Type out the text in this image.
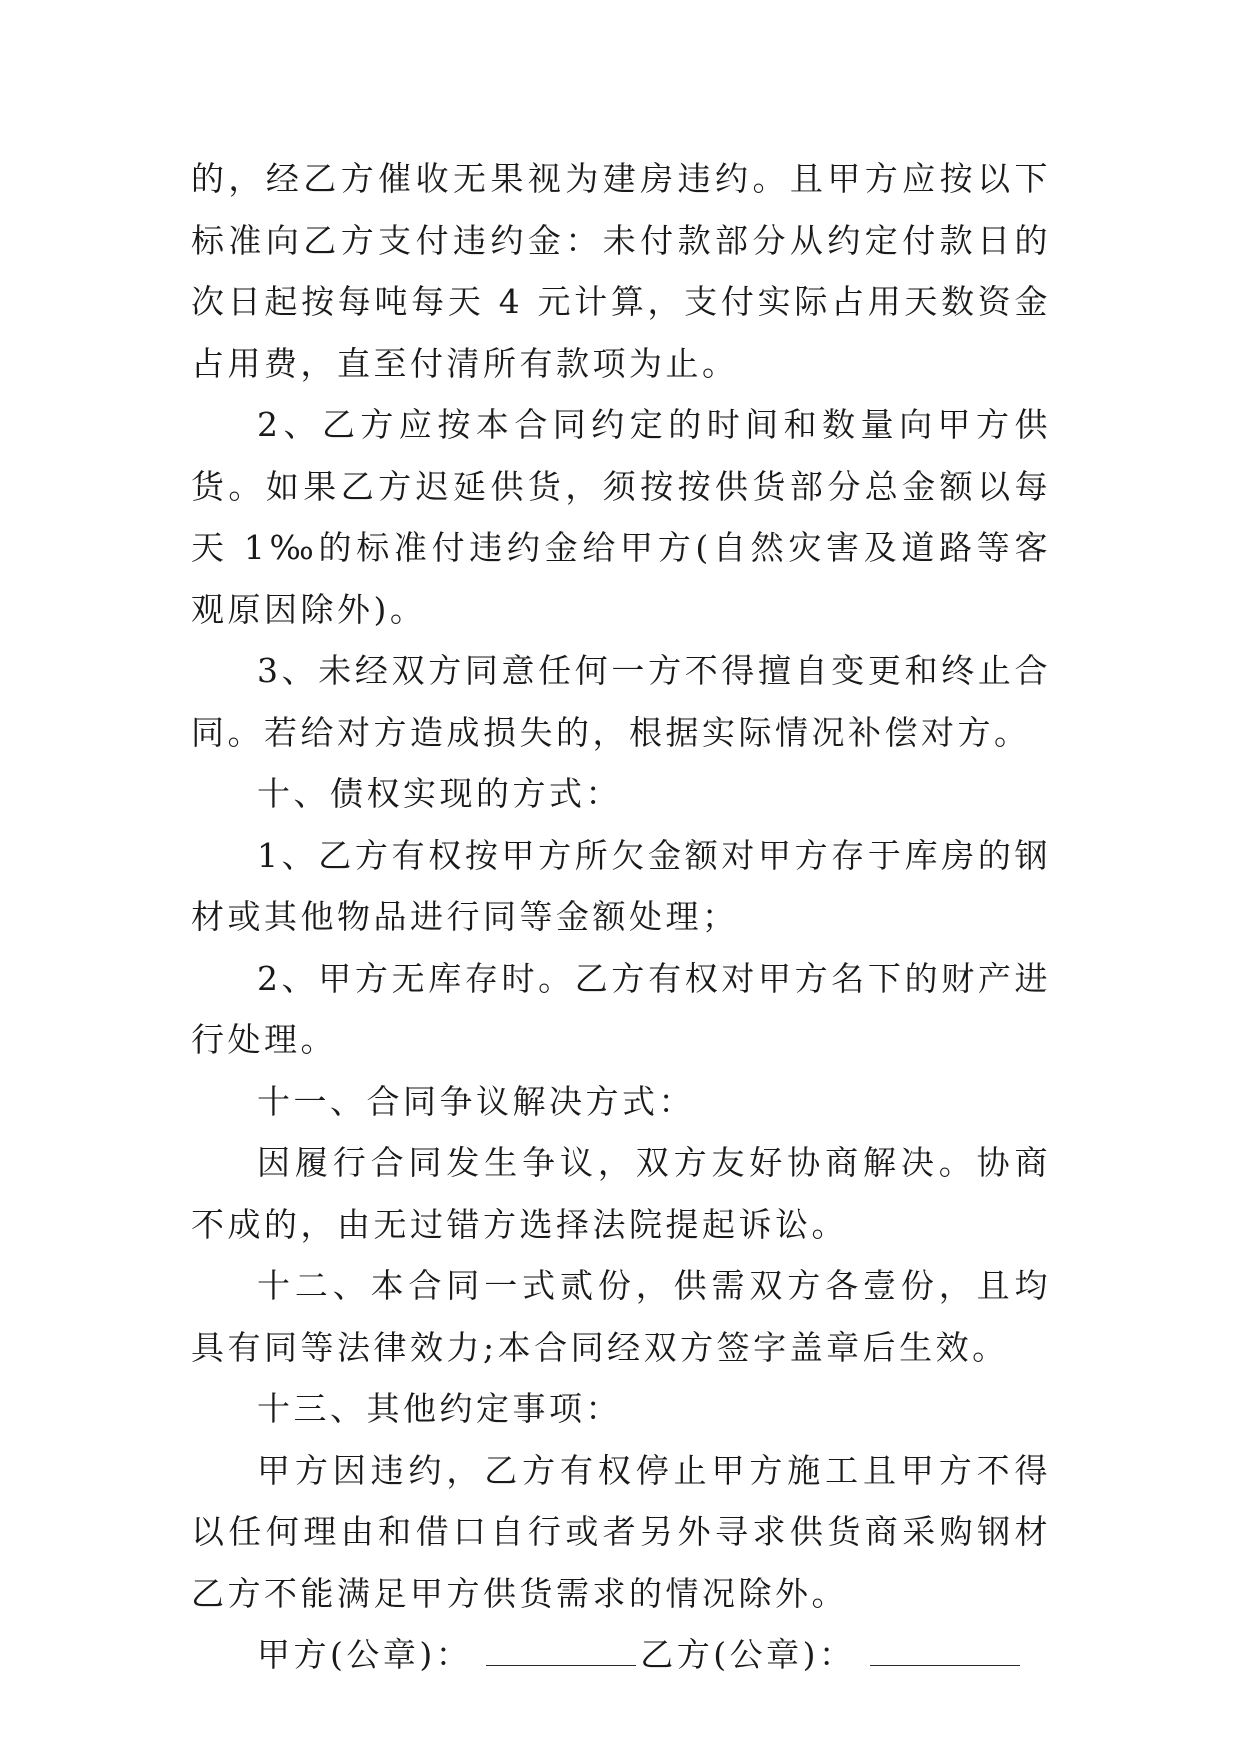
的，经乙方催收无果视为建房违约。且甲方应按以下标准向乙方支付违约金：未付款部分从约定付款日的次日起按每吨每天 4 元计算，支付实际占用天数资金占用费，直至付清所有款项为止。

2、乙方应按本合同约定的时间和数量向甲方供货。如果乙方迟延供货，须按按供货部分总金额以每天 1‰的标准付违约金给甲方(自然灾害及道路等客观原因除外)。

3、未经双方同意任何一方不得擅自变更和终止合同。若给对方造成损失的，根据实际情况补偿对方。

十、债权实现的方式：

1、乙方有权按甲方所欠金额对甲方存于库房的钢材或其他物品进行同等金额处理；

2、甲方无库存时。乙方有权对甲方名下的财产进行处理。

十一、合同争议解决方式：

因履行合同发生争议，双方友好协商解决。协商不成的，由无过错方选择法院提起诉讼。

十二、本合同一式贰份，供需双方各壹份，且均具有同等法律效力;本合同经双方签字盖章后生效。

十三、其他约定事项：

甲方因违约，乙方有权停止甲方施工且甲方不得以任何理由和借口自行或者另外寻求供货商采购钢材乙方不能满足甲方供货需求的情况除外。

甲方(公章)：	乙方(公章)：
